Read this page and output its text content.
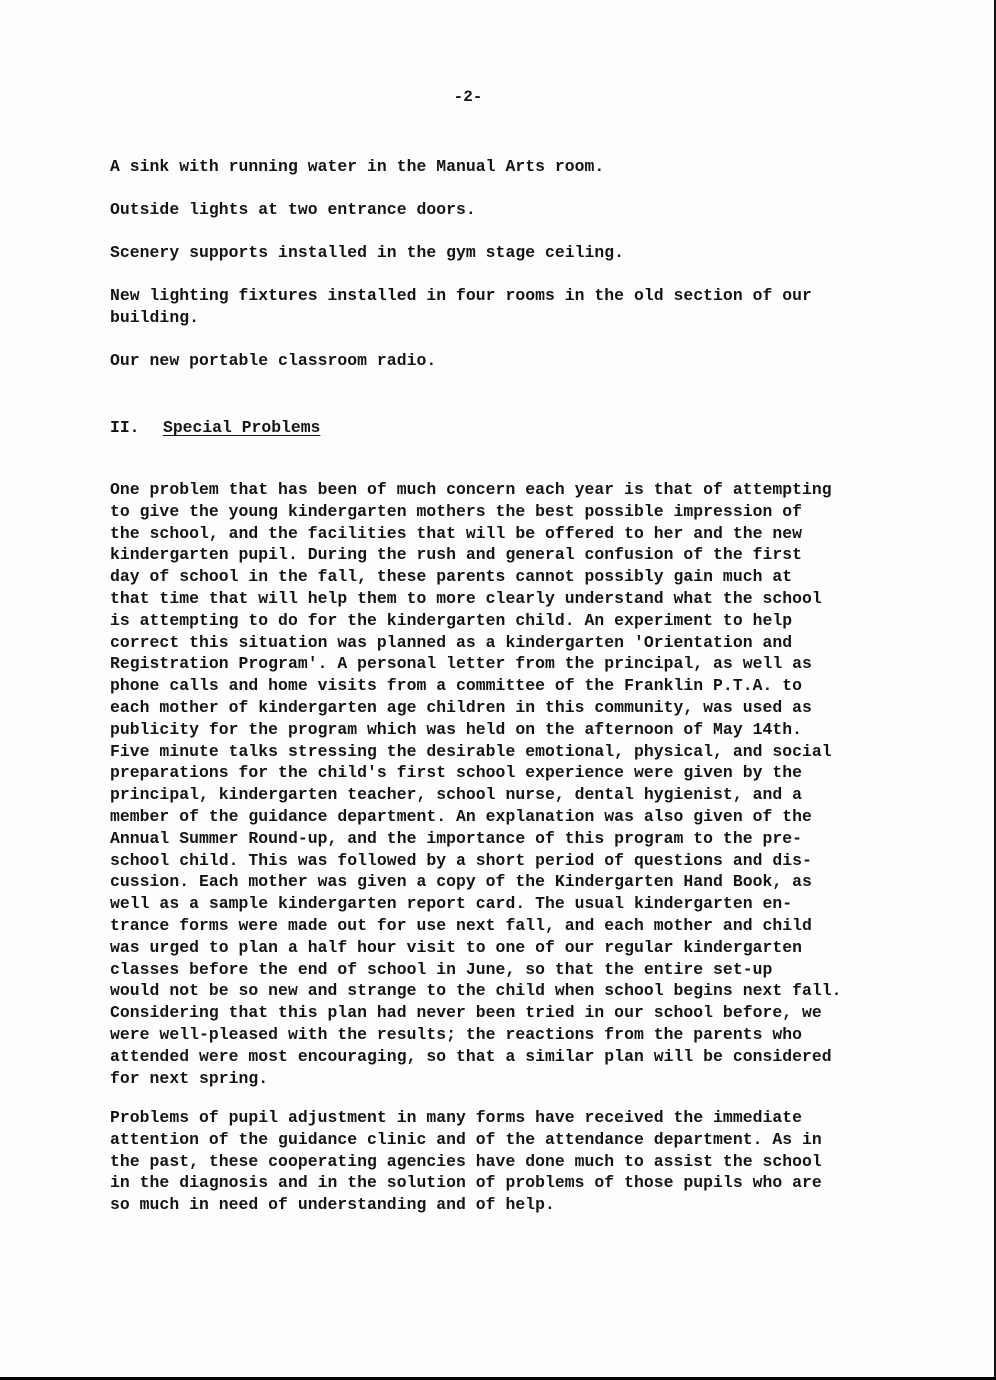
-2-
A sink with running water in the Manual Arts room.
Outside lights at two entrance doors.
Scenery supports installed in the gym stage ceiling.
New lighting fixtures installed in four rooms in the old section of our
building.
Our new portable classroom radio.
II. Special Problems
One problem that has been of much concern each year is that of attempting
to give the young kindergarten mothers the best possible impression of
the school, and the facilities that will be offered to her and the new
kindergarten pupil. During the rush and general confusion of the first
day of school in the fall, these parents cannot possibly gain much at
that time that will help them to more clearly understand what the school
is attempting to do for the kindergarten child. An experiment to help
correct this situation was planned as a kindergarten 'Orientation and
Registration Program'. A personal letter from the principal, as well as
phone calls and home visits from a committee of the Franklin P.T.A. to
each mother of kindergarten age children in this community, was used as
publicity for the program which was held on the afternoon of May 14th.
Five minute talks stressing the desirable emotional, physical, and social
preparations for the child's first school experience were given by the
principal, kindergarten teacher, school nurse, dental hygienist, and a
member of the guidance department. An explanation was also given of the
Annual Summer Round-up, and the importance of this program to the pre-
school child. This was followed by a short period of questions and dis-
cussion. Each mother was given a copy of the Kindergarten Hand Book, as
well as a sample kindergarten report card. The usual kindergarten en-
trance forms were made out for use next fall, and each mother and child
was urged to plan a half hour visit to one of our regular kindergarten
classes before the end of school in June, so that the entire set-up
would not be so new and strange to the child when school begins next fall.
Considering that this plan had never been tried in our school before, we
were well-pleased with the results; the reactions from the parents who
attended were most encouraging, so that a similar plan will be considered
for next spring.
Problems of pupil adjustment in many forms have received the immediate
attention of the guidance clinic and of the attendance department. As in
the past, these cooperating agencies have done much to assist the school
in the diagnosis and in the solution of problems of those pupils who are
so much in need of understanding and of help.
